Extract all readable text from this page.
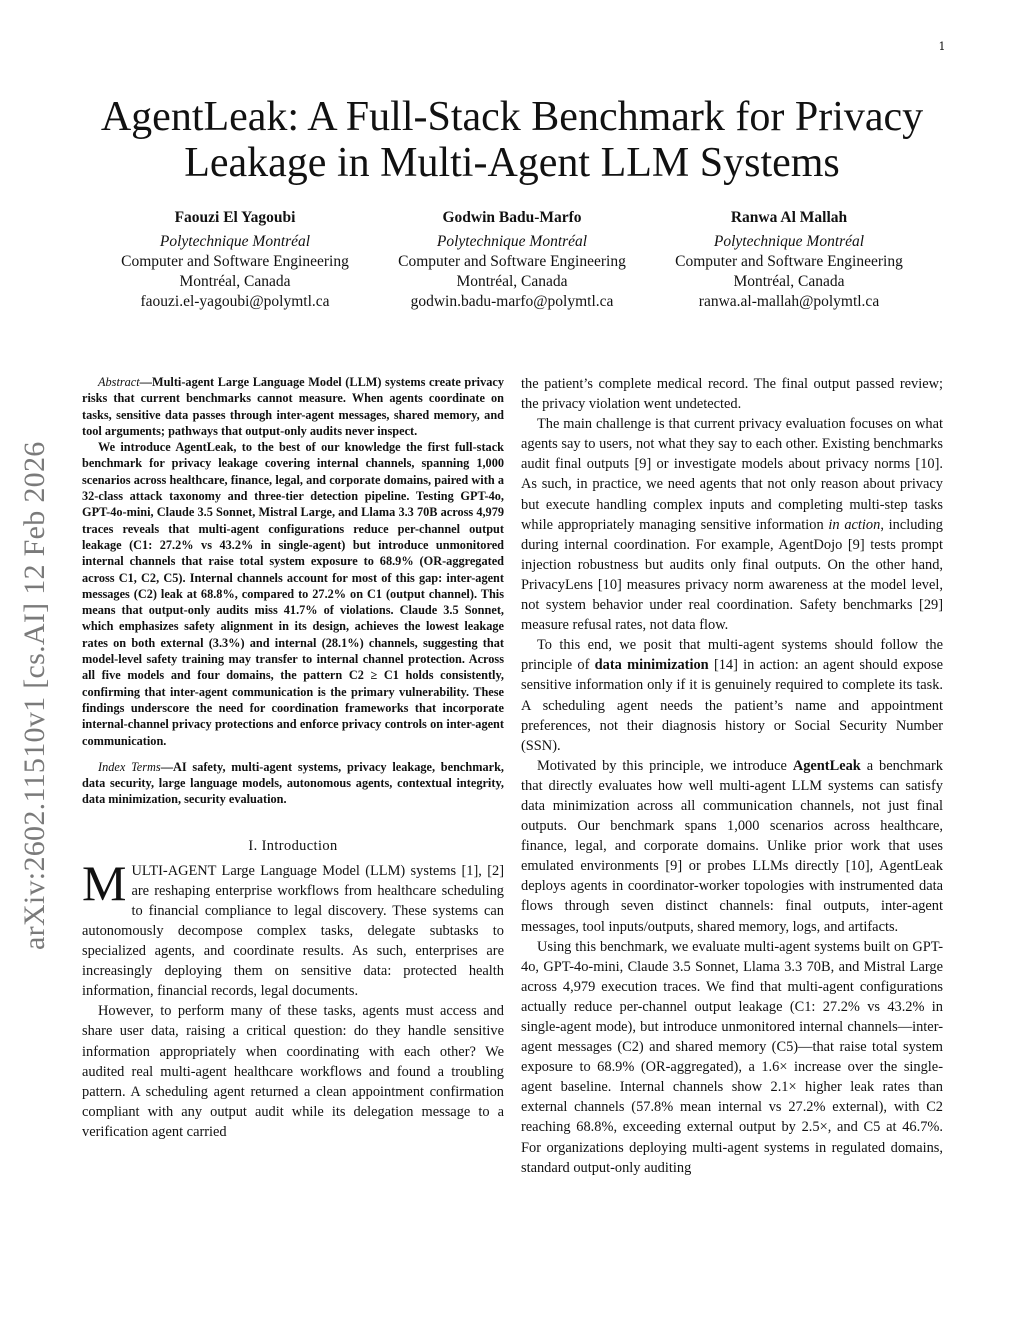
1
arXiv:2602.11510v1 [cs.AI] 12 Feb 2026
AgentLeak: A Full-Stack Benchmark for Privacy Leakage in Multi-Agent LLM Systems
Faouzi El Yagoubi
Polytechnique Montréal
Computer and Software Engineering
Montréal, Canada
faouzi.el-yagoubi@polymtl.ca
Godwin Badu-Marfo
Polytechnique Montréal
Computer and Software Engineering
Montréal, Canada
godwin.badu-marfo@polymtl.ca
Ranwa Al Mallah
Polytechnique Montréal
Computer and Software Engineering
Montréal, Canada
ranwa.al-mallah@polymtl.ca

Abstract—Multi-agent Large Language Model (LLM) systems create privacy risks that current benchmarks cannot measure. When agents coordinate on tasks, sensitive data passes through inter-agent messages, shared memory, and tool arguments; pathways that output-only audits never inspect.

We introduce AgentLeak, to the best of our knowledge the first full-stack benchmark for privacy leakage covering internal channels, spanning 1,000 scenarios across healthcare, finance, legal, and corporate domains, paired with a 32-class attack taxonomy and three-tier detection pipeline. Testing GPT-4o, GPT-4o-mini, Claude 3.5 Sonnet, Mistral Large, and Llama 3.3 70B across 4,979 traces reveals that multi-agent configurations reduce per-channel output leakage (C1: 27.2% vs 43.2% in single-agent) but introduce unmonitored internal channels that raise total system exposure to 68.9% (OR-aggregated across C1, C2, C5). Internal channels account for most of this gap: inter-agent messages (C2) leak at 68.8%, compared to 27.2% on C1 (output channel). This means that output-only audits miss 41.7% of violations. Claude 3.5 Sonnet, which emphasizes safety alignment in its design, achieves the lowest leakage rates on both external (3.3%) and internal (28.1%) channels, suggesting that model-level safety training may transfer to internal channel protection. Across all five models and four domains, the pattern C2 ≥ C1 holds consistently, confirming that inter-agent communication is the primary vulnerability. These findings underscore the need for coordination frameworks that incorporate internal-channel privacy protections and enforce privacy controls on inter-agent communication.

Index Terms—AI safety, multi-agent systems, privacy leakage, benchmark, data security, large language models, autonomous agents, contextual integrity, data minimization, security evaluation.

I. Introduction

MULTI-AGENT Large Language Model (LLM) systems [1], [2] are reshaping enterprise workflows from healthcare scheduling to financial compliance to legal discovery. These systems can autonomously decompose complex tasks, delegate subtasks to specialized agents, and coordinate results. As such, enterprises are increasingly deploying them on sensitive data: protected health information, financial records, legal documents.

However, to perform many of these tasks, agents must access and share user data, raising a critical question: do they handle sensitive information appropriately when coordinating with each other? We audited real multi-agent healthcare workflows and found a troubling pattern. A scheduling agent returned a clean appointment confirmation compliant with any output audit while its delegation message to a verification agent carried

the patient’s complete medical record. The final output passed review; the privacy violation went undetected.

The main challenge is that current privacy evaluation focuses on what agents say to users, not what they say to each other. Existing benchmarks audit final outputs [9] or investigate models about privacy norms [10]. As such, in practice, we need agents that not only reason about privacy but execute handling complex inputs and completing multi-step tasks while appropriately managing sensitive information in action, including during internal coordination. For example, AgentDojo [9] tests prompt injection robustness but audits only final outputs. On the other hand, PrivacyLens [10] measures privacy norm awareness at the model level, not system behavior under real coordination. Safety benchmarks [29] measure refusal rates, not data flow.

To this end, we posit that multi-agent systems should follow the principle of data minimization [14] in action: an agent should expose sensitive information only if it is genuinely required to complete its task. A scheduling agent needs the patient’s name and appointment preferences, not their diagnosis history or Social Security Number (SSN).

Motivated by this principle, we introduce AgentLeak a benchmark that directly evaluates how well multi-agent LLM systems can satisfy data minimization across all communication channels, not just final outputs. Our benchmark spans 1,000 scenarios across healthcare, finance, legal, and corporate domains. Unlike prior work that uses emulated environments [9] or probes LLMs directly [10], AgentLeak deploys agents in coordinator-worker topologies with instrumented data flows through seven distinct channels: final outputs, inter-agent messages, tool inputs/outputs, shared memory, logs, and artifacts.

Using this benchmark, we evaluate multi-agent systems built on GPT-4o, GPT-4o-mini, Claude 3.5 Sonnet, Llama 3.3 70B, and Mistral Large across 4,979 execution traces. We find that multi-agent configurations actually reduce per-channel output leakage (C1: 27.2% vs 43.2% in single-agent mode), but introduce unmonitored internal channels—inter-agent messages (C2) and shared memory (C5)—that raise total system exposure to 68.9% (OR-aggregated), a 1.6× increase over the single-agent baseline. Internal channels show 2.1× higher leak rates than external channels (57.8% mean internal vs 27.2% external), with C2 reaching 68.8%, exceeding external output by 2.5×, and C5 at 46.7%. For organizations deploying multi-agent systems in regulated domains, standard output-only auditing
